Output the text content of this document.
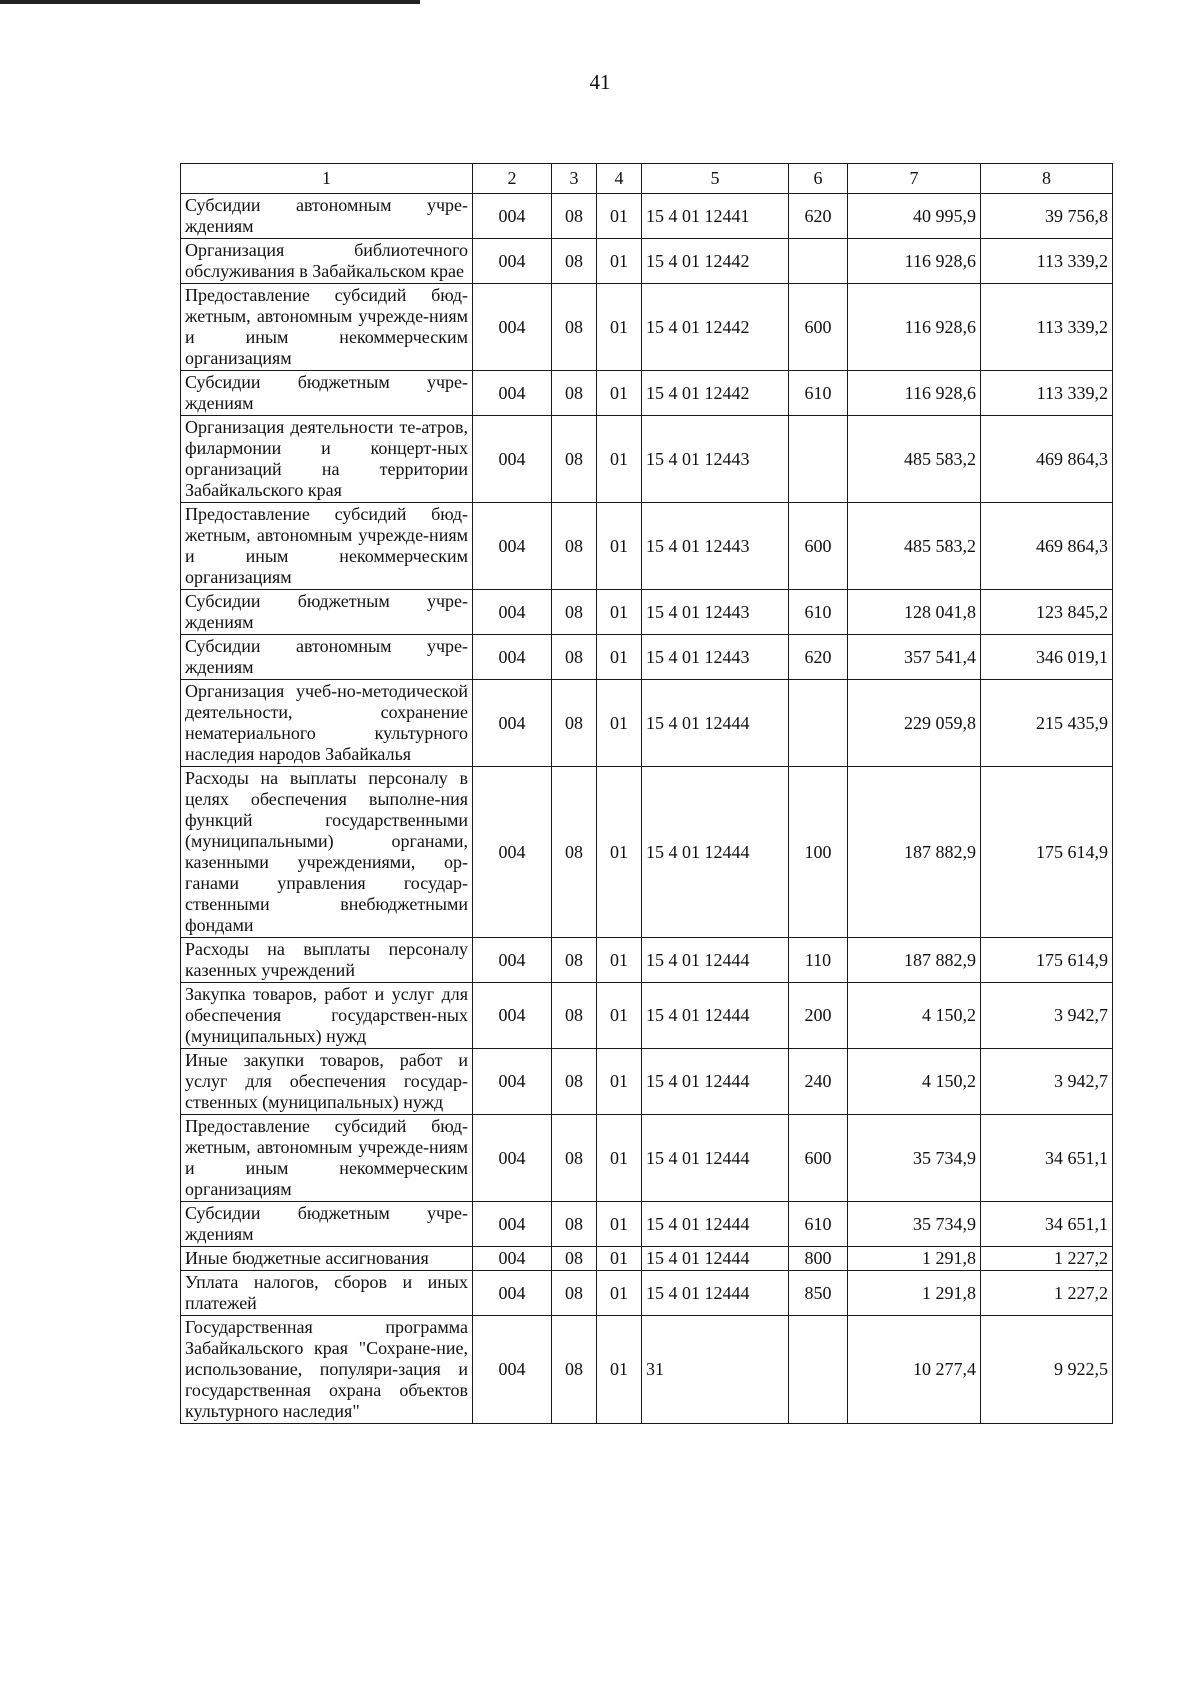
41
1	2	3	4	5	6	7	8
Субсидии автономным учре-ждениям	004	08	01	15 4 01 12441	620	40 995,9	39 756,8
Организация библиотечного обслуживания в Забайкальском крае	004	08	01	15 4 01 12442		116 928,6	113 339,2
Предоставление субсидий бюд-жетным, автономным учрежде-ниям и иным некоммерческим организациям	004	08	01	15 4 01 12442	600	116 928,6	113 339,2
Субсидии бюджетным учре-ждениям	004	08	01	15 4 01 12442	610	116 928,6	113 339,2
Организация деятельности те-атров, филармонии и концерт-ных организаций на территории Забайкальского края	004	08	01	15 4 01 12443		485 583,2	469 864,3
Предоставление субсидий бюд-жетным, автономным учрежде-ниям и иным некоммерческим организациям	004	08	01	15 4 01 12443	600	485 583,2	469 864,3
Субсидии бюджетным учре-ждениям	004	08	01	15 4 01 12443	610	128 041,8	123 845,2
Субсидии автономным учре-ждениям	004	08	01	15 4 01 12443	620	357 541,4	346 019,1
Организация учеб-но-методической деятельности, сохранение нематериального культурного наследия народов Забайкалья	004	08	01	15 4 01 12444		229 059,8	215 435,9
Расходы на выплаты персоналу в целях обеспечения выполне-ния функций государственными (муниципальными) органами, казенными учреждениями, ор-ганами управления государ-ственными внебюджетными фондами	004	08	01	15 4 01 12444	100	187 882,9	175 614,9
Расходы на выплаты персоналу казенных учреждений	004	08	01	15 4 01 12444	110	187 882,9	175 614,9
Закупка товаров, работ и услуг для обеспечения государствен-ных (муниципальных) нужд	004	08	01	15 4 01 12444	200	4 150,2	3 942,7
Иные закупки товаров, работ и услуг для обеспечения государ-ственных (муниципальных) нужд	004	08	01	15 4 01 12444	240	4 150,2	3 942,7
Предоставление субсидий бюд-жетным, автономным учрежде-ниям и иным некоммерческим организациям	004	08	01	15 4 01 12444	600	35 734,9	34 651,1
Субсидии бюджетным учре-ждениям	004	08	01	15 4 01 12444	610	35 734,9	34 651,1
Иные бюджетные ассигнования	004	08	01	15 4 01 12444	800	1 291,8	1 227,2
Уплата налогов, сборов и иных платежей	004	08	01	15 4 01 12444	850	1 291,8	1 227,2
Государственная программа Забайкальского края "Сохране-ние, использование, популяри-зация и государственная охрана объектов культурного наследия"	004	08	01	31		10 277,4	9 922,5
